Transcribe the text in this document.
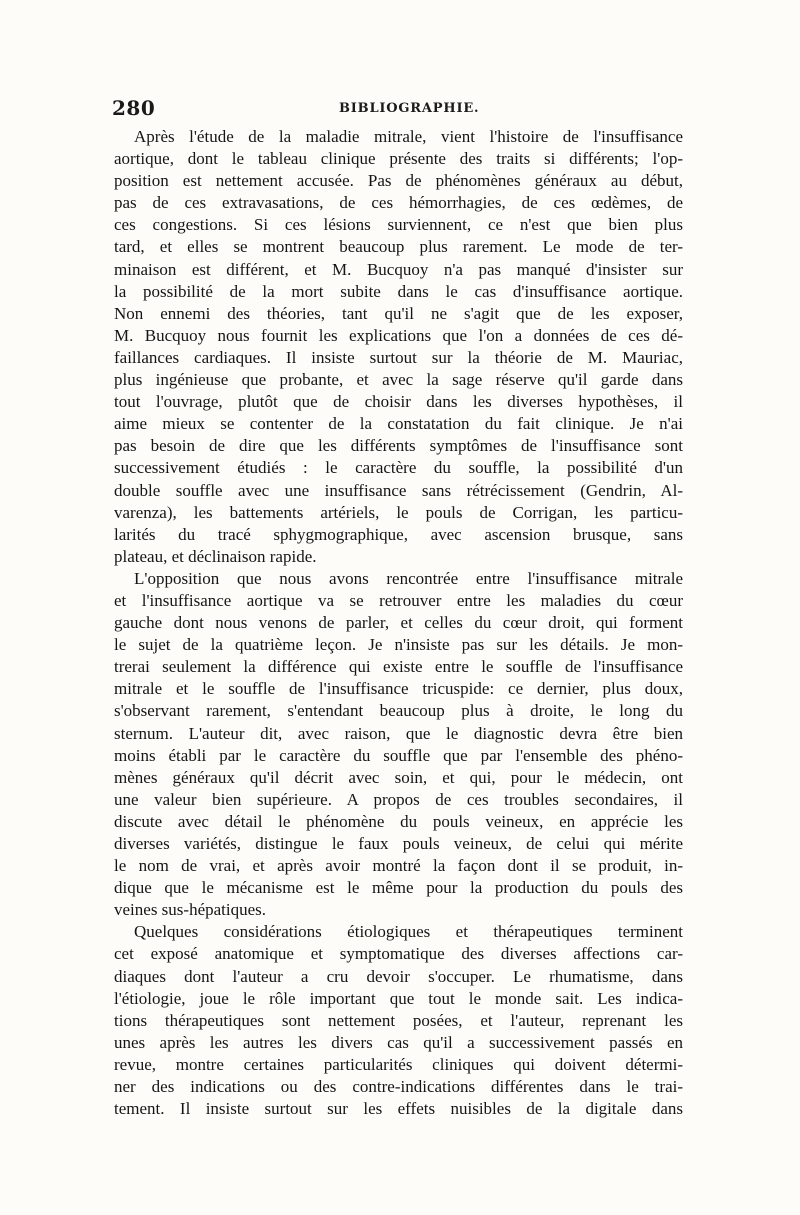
280	BIBLIOGRAPHIE.
Après l'étude de la maladie mitrale, vient l'histoire de l'insuffisance
aortique, dont le tableau clinique présente des traits si différents; l'op-
position est nettement accusée. Pas de phénomènes généraux au début,
pas de ces extravasations, de ces hémorrhagies, de ces œdèmes, de
ces congestions. Si ces lésions surviennent, ce n'est que bien plus
tard, et elles se montrent beaucoup plus rarement. Le mode de ter-
minaison est différent, et M. Bucquoy n'a pas manqué d'insister sur
la possibilité de la mort subite dans le cas d'insuffisance aortique.
Non ennemi des théories, tant qu'il ne s'agit que de les exposer,
M. Bucquoy nous fournit les explications que l'on a données de ces dé-
faillances cardiaques. Il insiste surtout sur la théorie de M. Mauriac,
plus ingénieuse que probante, et avec la sage réserve qu'il garde dans
tout l'ouvrage, plutôt que de choisir dans les diverses hypothèses, il
aime mieux se contenter de la constatation du fait clinique. Je n'ai
pas besoin de dire que les différents symptômes de l'insuffisance sont
successivement étudiés : le caractère du souffle, la possibilité d'un
double souffle avec une insuffisance sans rétrécissement (Gendrin, Al-
varenza), les battements artériels, le pouls de Corrigan, les particu-
larités du tracé sphygmographique, avec ascension brusque, sans
plateau, et déclinaison rapide.
L'opposition que nous avons rencontrée entre l'insuffisance mitrale
et l'insuffisance aortique va se retrouver entre les maladies du cœur
gauche dont nous venons de parler, et celles du cœur droit, qui forment
le sujet de la quatrième leçon. Je n'insiste pas sur les détails. Je mon-
trerai seulement la différence qui existe entre le souffle de l'insuffisance
mitrale et le souffle de l'insuffisance tricuspide: ce dernier, plus doux,
s'observant rarement, s'entendant beaucoup plus à droite, le long du
sternum. L'auteur dit, avec raison, que le diagnostic devra être bien
moins établi par le caractère du souffle que par l'ensemble des phéno-
mènes généraux qu'il décrit avec soin, et qui, pour le médecin, ont
une valeur bien supérieure. A propos de ces troubles secondaires, il
discute avec détail le phénomène du pouls veineux, en apprécie les
diverses variétés, distingue le faux pouls veineux, de celui qui mérite
le nom de vrai, et après avoir montré la façon dont il se produit, in-
dique que le mécanisme est le même pour la production du pouls des
veines sus-hépatiques.
Quelques considérations étiologiques et thérapeutiques terminent
cet exposé anatomique et symptomatique des diverses affections car-
diaques dont l'auteur a cru devoir s'occuper. Le rhumatisme, dans
l'étiologie, joue le rôle important que tout le monde sait. Les indica-
tions thérapeutiques sont nettement posées, et l'auteur, reprenant les
unes après les autres les divers cas qu'il a successivement passés en
revue, montre certaines particularités cliniques qui doivent détermi-
ner des indications ou des contre-indications différentes dans le trai-
tement. Il insiste surtout sur les effets nuisibles de la digitale dans
